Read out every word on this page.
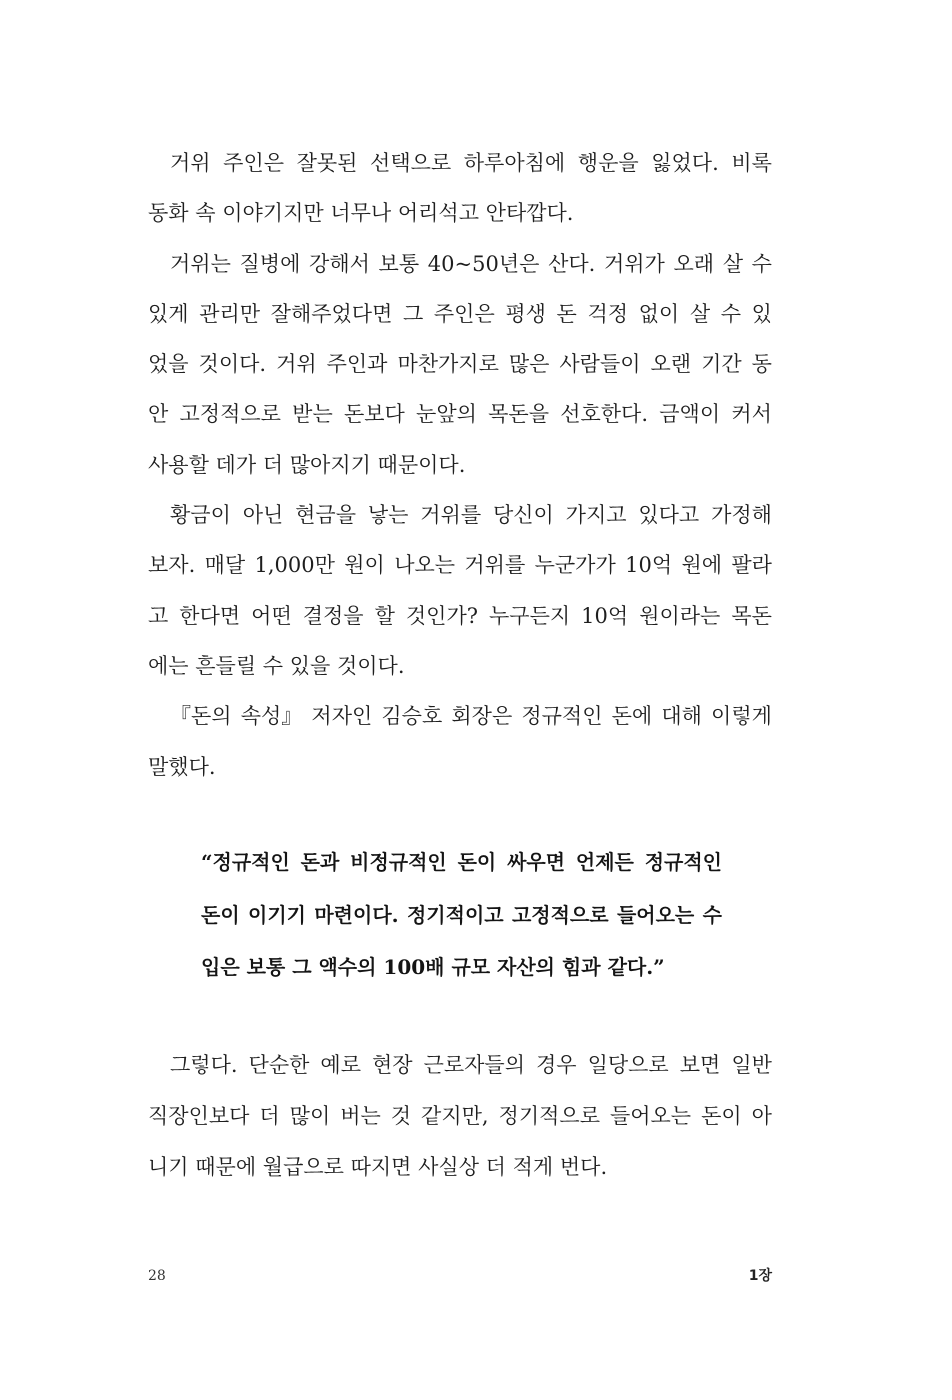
거위 주인은 잘못된 선택으로 하루아침에 행운을 잃었다. 비록
동화 속 이야기지만 너무나 어리석고 안타깝다.
거위는 질병에 강해서 보통 40~50년은 산다. 거위가 오래 살 수
있게 관리만 잘해주었다면 그 주인은 평생 돈 걱정 없이 살 수 있
었을 것이다. 거위 주인과 마찬가지로 많은 사람들이 오랜 기간 동
안 고정적으로 받는 돈보다 눈앞의 목돈을 선호한다. 금액이 커서
사용할 데가 더 많아지기 때문이다.
황금이 아닌 현금을 낳는 거위를 당신이 가지고 있다고 가정해
보자. 매달 1,000만 원이 나오는 거위를 누군가가 10억 원에 팔라
고 한다면 어떤 결정을 할 것인가? 누구든지 10억 원이라는 목돈
에는 흔들릴 수 있을 것이다.
『돈의 속성』 저자인 김승호 회장은 정규적인 돈에 대해 이렇게
말했다.
“정규적인 돈과 비정규적인 돈이 싸우면 언제든 정규적인
돈이 이기기 마련이다. 정기적이고 고정적으로 들어오는 수
입은 보통 그 액수의 100배 규모 자산의 힘과 같다.”
그렇다. 단순한 예로 현장 근로자들의 경우 일당으로 보면 일반
직장인보다 더 많이 버는 것 같지만, 정기적으로 들어오는 돈이 아
니기 때문에 월급으로 따지면 사실상 더 적게 번다.
28	1장
